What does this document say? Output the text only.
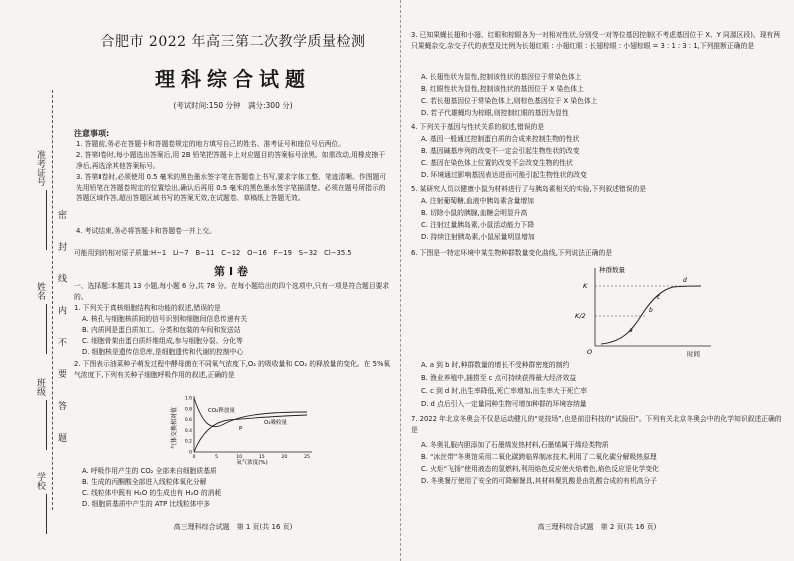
准考证号
姓名
班级
学校
密 封 线 内 不 要 答 题
合肥市 2022 年高三第二次教学质量检测
理科综合试题
(考试时间:150 分钟　满分:300 分)
注意事项:
1. 答题前,务必在答题卡和答题卷规定的地方填写自己的姓名、准考证号和座位号后两位。
2. 答第Ⅰ卷时,每小题选出答案后,用 2B 铅笔把答题卡上对应题目的答案标号涂黑。如需改动,用橡皮擦干净后,再选涂其他答案标号。
3. 答第Ⅱ卷时,必须使用 0.5 毫米的黑色墨水签字笔在答题卷上书写,要求字体工整、笔迹清晰。作图题可先用铅笔在答题卷规定的位置绘出,确认后再用 0.5 毫米的黑色墨水签字笔描清楚。必须在题号所指示的答题区域作答,超出答题区域书写的答案无效,在试题卷、草稿纸上答题无效。
4. 考试结束,务必将答题卡和答题卷一并上交。
可能用到的相对原子质量:H−1　Li−7　B−11　C−12　O−16　F−19　S−32　Cl−35.5
第Ⅰ卷
一、选择题:本题共 13 小题,每小题 6 分,共 78 分。在每小题给出的四个选项中,只有一项是符合题目要求的。
1. 下列关于真核细胞结构和功能的叙述,错误的是
A. 核孔与细胞核质间的信号识别和细胞间信息传递有关
B. 内质网是蛋白质加工、分类和包装的车间和发送站
C. 细胞骨架由蛋白质纤维组成,参与细胞分裂、分化等
D. 细胞核是遗传信息库,是细胞遗传和代谢的控制中心
2. 下图表示油菜种子萌发过程中酵母菌在不同氧气浓度下,O₂ 的吸收量和 CO₂ 的释放量的变化。在 5%氧气浓度下,下列有关种子细胞呼吸作用的叙述,正确的是
气体交换相对值
0
0.2
0.4
0.6
0.8
1.0
0	5	10	15	20	25
CO₂释放量
O₂吸收量
P
氧气浓度(%)
A. 呼吸作用产生的 CO₂ 全部来自细胞质基质
B. 生成的丙酮酸全部进入线粒体氧化分解
C. 线粒体中既有 H₂O 的生成也有 H₂O 的消耗
D. 细胞质基质中产生的 ATP 比线粒体中多
高三理科综合试题　第 1 页(共 16 页)
3. 已知果蝇长翅和小翅、红眼和棕眼各为一对相对性状,分别受一对等位基因控制(不考虑基因位于 X、Y 同源区段)。现有两只果蝇杂交,杂交子代的表型及比例为长翅红眼 : 小翅红眼 : 长翅棕眼 : 小翅棕眼 = 3 : 1 : 3 : 1,下列推断正确的是
A. 长翅性状为显性,控制该性状的基因位于常染色体上
B. 红眼性状为显性,控制该性状的基因位于 X 染色体上
C. 若长翅基因位于常染色体上,则棕色基因位于 X 染色体上
D. 若子代雄蝇均为棕眼,则控制红眼的基因为显性
4. 下列关于基因与性状关系的叙述,错误的是
A. 基因一般通过控制蛋白质的合成来控制生物的性状
B. 基因碱基序列的改变不一定会引起生物性状的改变
C. 基因在染色体上位置的改变不会改变生物的性状
D. 环境通过影响基因表达进而可能引起生物性状的改变
5. 某研究人员以健康小鼠为材料进行了与胰岛素相关的实验,下列叙述错误的是
A. 注射葡萄糖,血液中胰岛素含量增加
B. 切除小鼠的胰腺,血糖会明显升高
C. 注射过量胰岛素,小鼠活动能力下降
D. 持续注射胰岛素,小鼠尿量明显增加
6. 下图是一特定环境中某生物种群数量变化曲线,下列说法正确的是
种群数量
K
K/2
O	时间
a
b
c
d
A. a 到 b 时,种群数量的增长不受种群密度的制约
B. 渔业养殖中,捕捞至 c 点可持续获得最大经济效益
C. c 到 d 时,出生率降低,死亡率增加,出生率大于死亡率
D. d 点后引入一定量同种生物可增加种群的环境容纳量
7. 2022 年北京冬奥会不仅是运动健儿的“竞技场”,也是前沿科技的“试验田”。下列有关北京冬奥会中的化学知识叙述正确的是
A. 冬奥礼服内胆添加了石墨烯发热材料,石墨烯属于烯烃类物质
B. “冰丝带”冬奥馆采用二氧化碳跨临界制冰技术,利用了二氧化碳分解吸热原理
C. 火炬“飞扬”使用液态的氢燃料,利用焰色反应使火焰着色,焰色反应是化学变化
D. 冬奥餐厅使用了安全的可降解餐具,其材料聚乳酸是由乳酸合成的有机高分子
高三理科综合试题　第 2 页(共 16 页)
